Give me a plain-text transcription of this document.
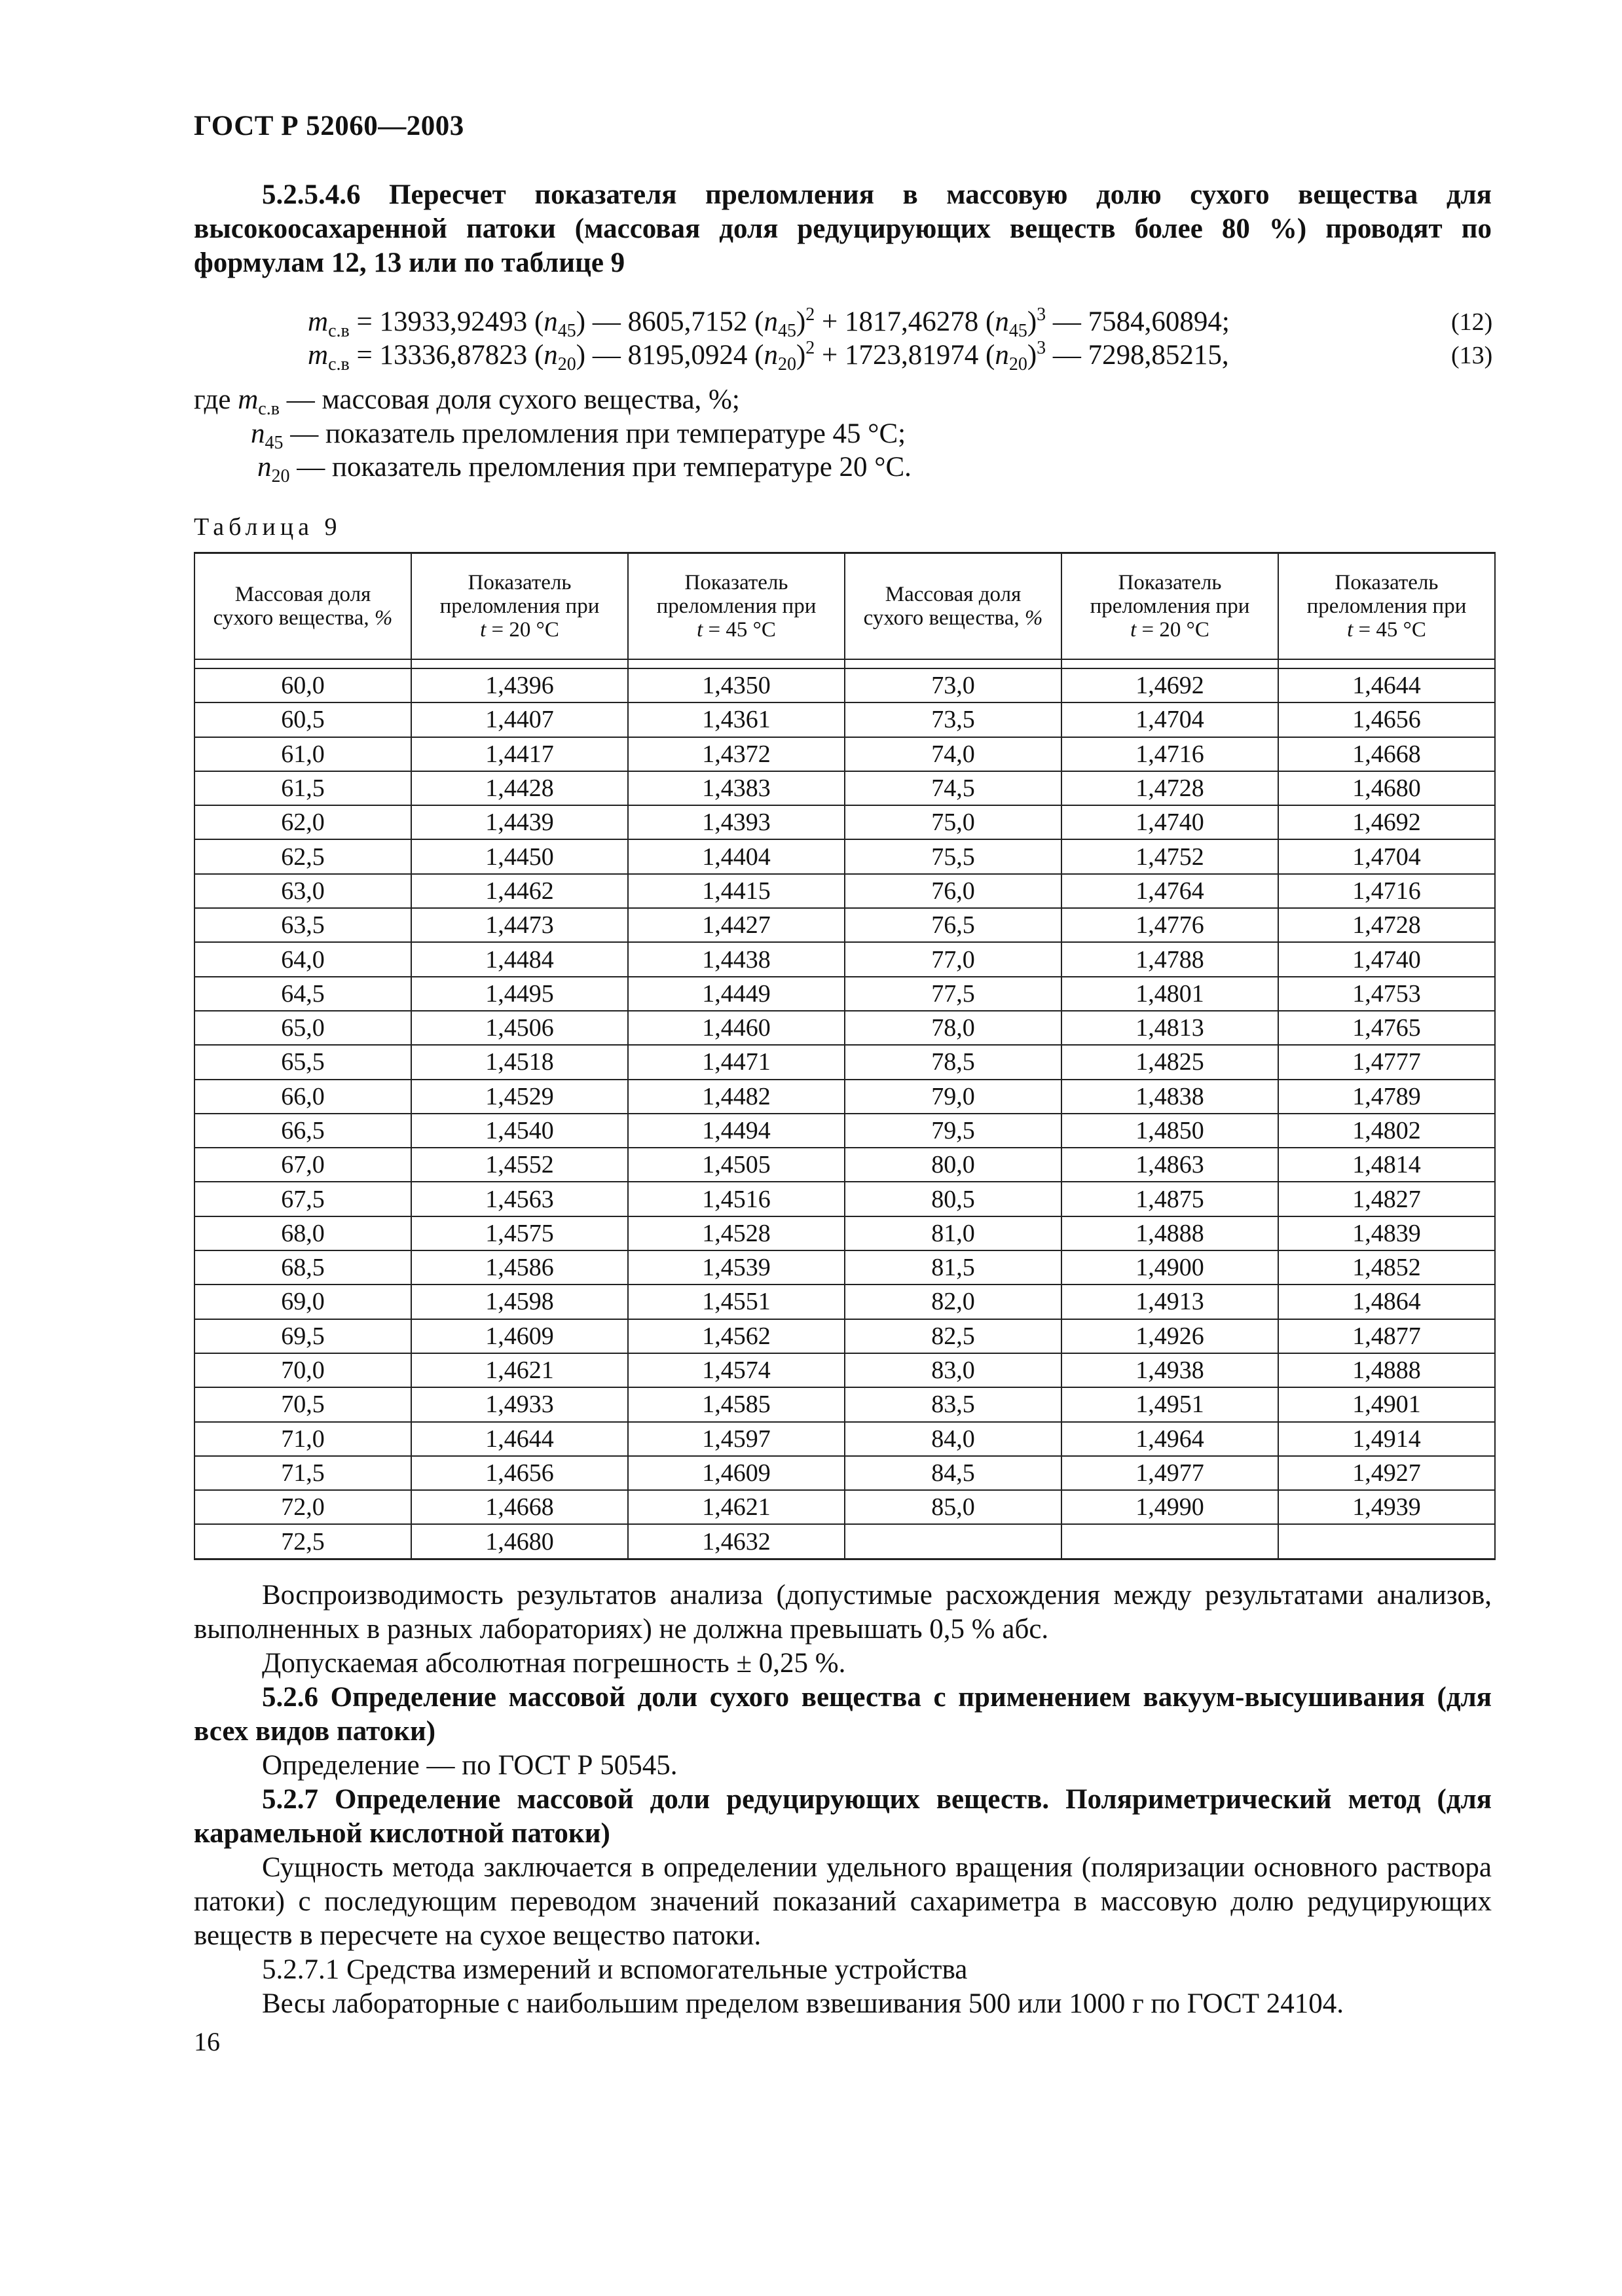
ГОСТ Р 52060—2003
5.2.5.4.6 Пересчет показателя преломления в массовую долю сухого вещества для высокоосахаренной патоки (массовая доля редуцирующих веществ более 80 %) проводят по формулам 12, 13 или по таблице 9
$m_{с.в} = 13933,92493$ $(n_{45})$ — 8605,7152 $(n_{45})^2 + 1817,46278$ $(n_{45})^3$ — 7584,60894;	(12)
$m_{с.в} = 13336,87823$ $(n_{20})$ — 8195,0924 $(n_{20})^2 + 1723,81974$ $(n_{20})^3$ — 7298,85215,	(13)
где $m_{с.в}$ — массовая доля сухого вещества, %;
$n_{45}$ — показатель преломления при температуре 45 °С;
$n_{20}$ — показатель преломления при температуре 20 °С.
Таблица 9
Массовая доля
сухого вещества, %	Показатель
преломления при
t = 20 °С	Показатель
преломления при
t = 45 °С	Массовая доля
сухого вещества, %	Показатель
преломления при
t = 20 °С	Показатель
преломления при
t = 45 °С

60,0	1,4396	1,4350	73,0	1,4692	1,4644
60,5	1,4407	1,4361	73,5	1,4704	1,4656
61,0	1,4417	1,4372	74,0	1,4716	1,4668
61,5	1,4428	1,4383	74,5	1,4728	1,4680
62,0	1,4439	1,4393	75,0	1,4740	1,4692
62,5	1,4450	1,4404	75,5	1,4752	1,4704
63,0	1,4462	1,4415	76,0	1,4764	1,4716
63,5	1,4473	1,4427	76,5	1,4776	1,4728
64,0	1,4484	1,4438	77,0	1,4788	1,4740
64,5	1,4495	1,4449	77,5	1,4801	1,4753
65,0	1,4506	1,4460	78,0	1,4813	1,4765
65,5	1,4518	1,4471	78,5	1,4825	1,4777
66,0	1,4529	1,4482	79,0	1,4838	1,4789
66,5	1,4540	1,4494	79,5	1,4850	1,4802
67,0	1,4552	1,4505	80,0	1,4863	1,4814
67,5	1,4563	1,4516	80,5	1,4875	1,4827
68,0	1,4575	1,4528	81,0	1,4888	1,4839
68,5	1,4586	1,4539	81,5	1,4900	1,4852
69,0	1,4598	1,4551	82,0	1,4913	1,4864
69,5	1,4609	1,4562	82,5	1,4926	1,4877
70,0	1,4621	1,4574	83,0	1,4938	1,4888
70,5	1,4933	1,4585	83,5	1,4951	1,4901
71,0	1,4644	1,4597	84,0	1,4964	1,4914
71,5	1,4656	1,4609	84,5	1,4977	1,4927
72,0	1,4668	1,4621	85,0	1,4990	1,4939
72,5	1,4680	1,4632			
Воспроизводимость результатов анализа (допустимые расхождения между результатами анализов, выполненных в разных лабораториях) не должна превышать 0,5 % абс.
Допускаемая абсолютная погрешность ± 0,25 %.
5.2.6 Определение массовой доли сухого вещества с применением вакуум-высушивания (для всех видов патоки)
Определение — по ГОСТ Р 50545.
5.2.7 Определение массовой доли редуцирующих веществ. Поляриметрический метод (для карамельной кислотной патоки)
Сущность метода заключается в определении удельного вращения (поляризации основного раствора патоки) с последующим переводом значений показаний сахариметра в массовую долю редуцирующих веществ в пересчете на сухое вещество патоки.
5.2.7.1 Средства измерений и вспомогательные устройства
Весы лабораторные с наибольшим пределом взвешивания 500 или 1000 г по ГОСТ 24104.
16
